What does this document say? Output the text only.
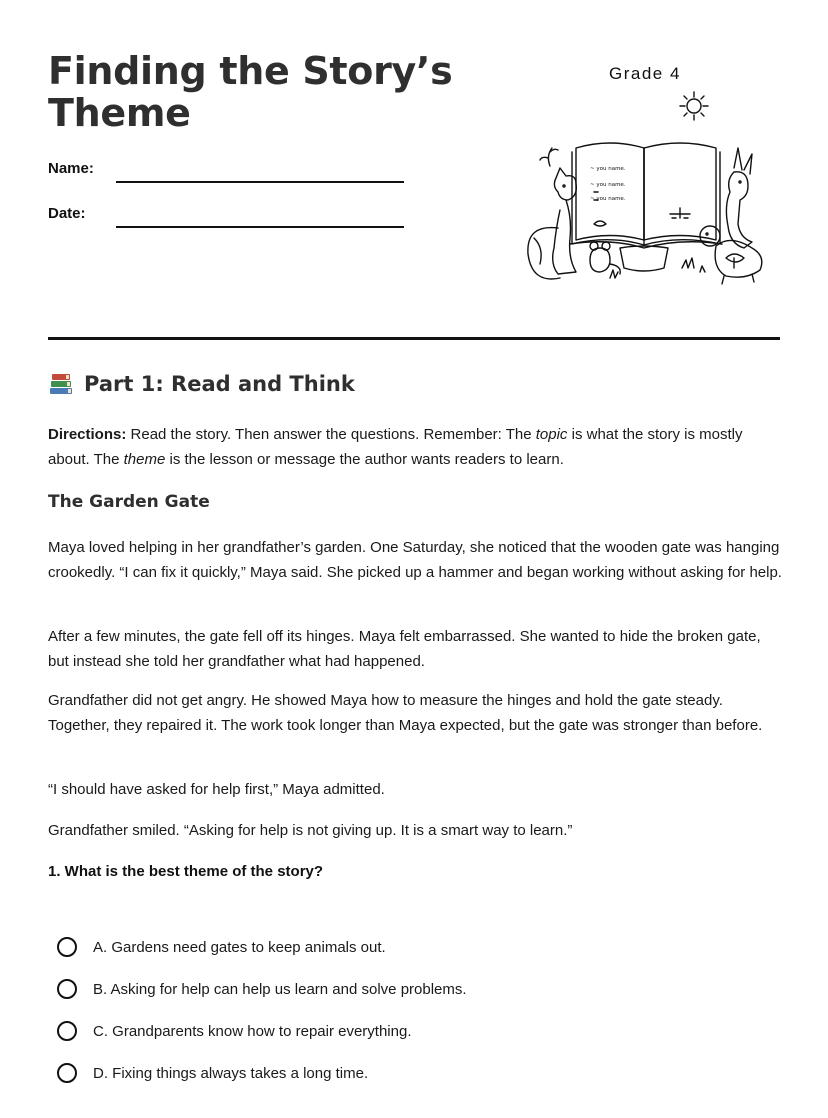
Finding the Story’s
Theme
Name:
Date:
Grade 4
~ you name.
~ you name.
~ you name.
Part 1: Read and Think

Directions: Read the story. Then answer the questions. Remember: The topic is what the story is mostly about. The theme is the lesson or message the author wants readers to learn.

The Garden Gate

Maya loved helping in her grandfather’s garden. One Saturday, she noticed that the wooden gate was hanging crookedly. “I can fix it quickly,” Maya said. She picked up a hammer and began working without asking for help.

After a few minutes, the gate fell off its hinges. Maya felt embarrassed. She wanted to hide the broken gate, but instead she told her grandfather what had happened.

Grandfather did not get angry. He showed Maya how to measure the hinges and hold the gate steady. Together, they repaired it. The work took longer than Maya expected, but the gate was stronger than before.

“I should have asked for help first,” Maya admitted.

Grandfather smiled. “Asking for help is not giving up. It is a smart way to learn.”

1. What is the best theme of the story?

A. Gardens need gates to keep animals out.
B. Asking for help can help us learn and solve problems.
C. Grandparents know how to repair everything.
D. Fixing things always takes a long time.
